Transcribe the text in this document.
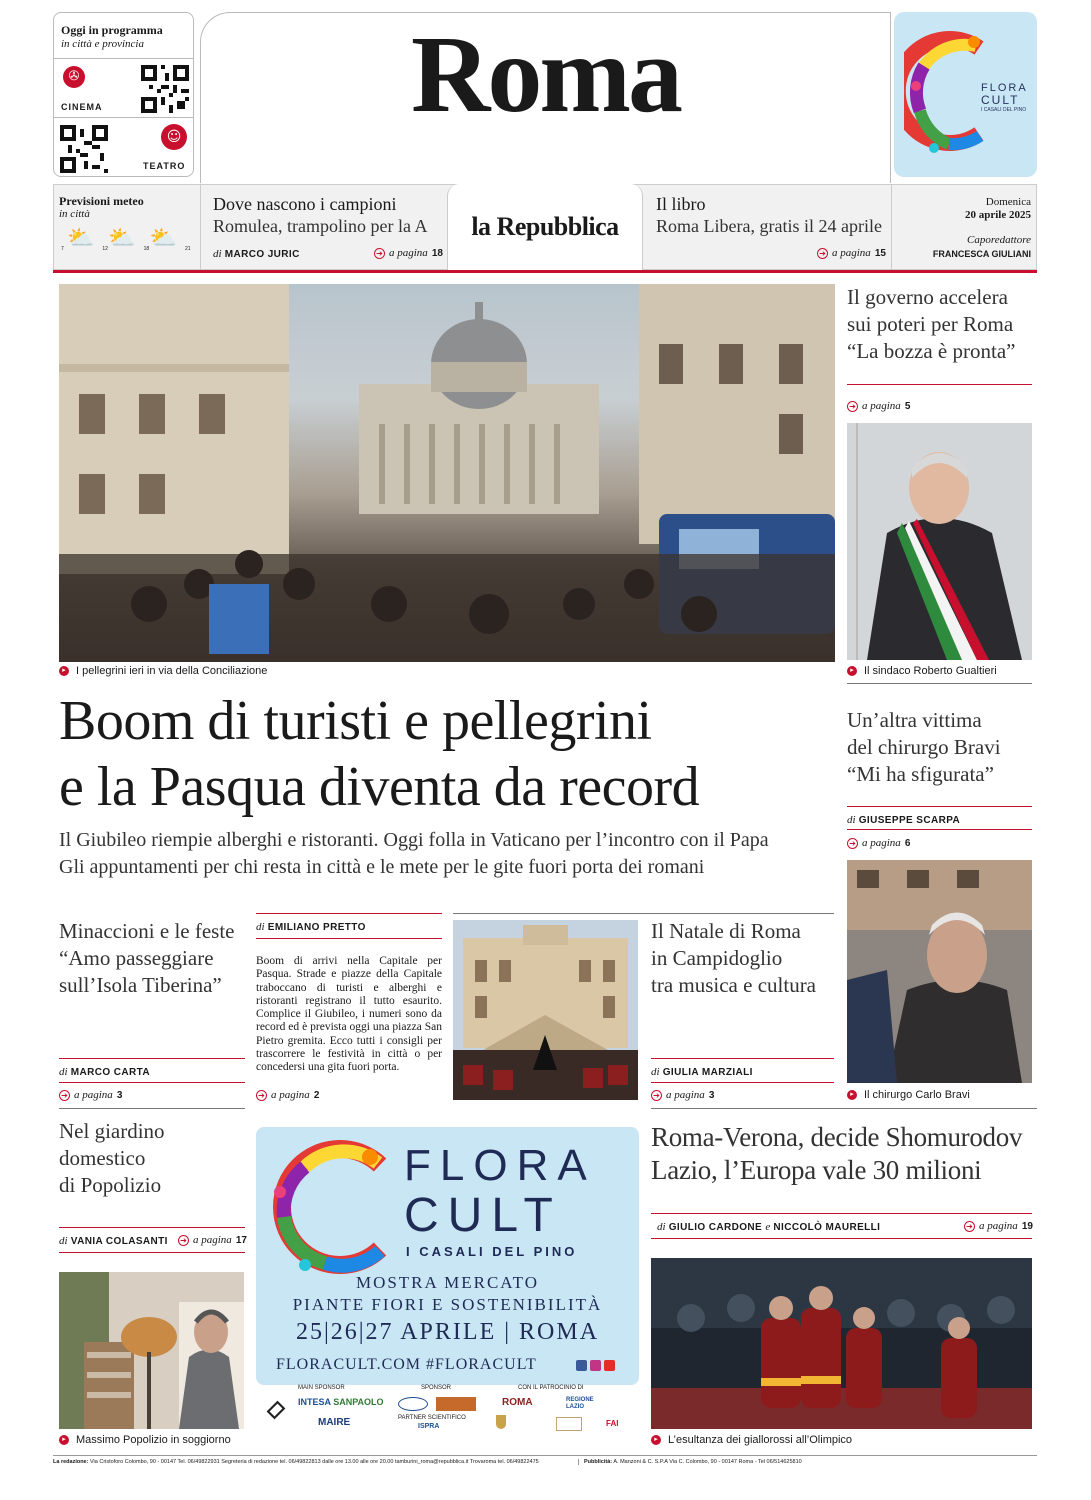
Oggi in programma
in città e provincia
✇
CINEMA
☺
TEATRO
Roma	FLORA
CULT
I CASALI DEL PINO
Previsioni meteo
in città
7 ⛅ 12 ⛅ 18 ⛅ 21
Dove nascono i campioni
Romulea, trampolino per la A
di MARCO JURIC	➔ a pagina 18
la Repubblica
Il libro
Roma Libera, gratis il 24 aprile
➔ a pagina 15
Domenica
20 aprile 2025
Caporedattore
FRANCESCA GIULIANI
▸ I pellegrini ieri in via della Conciliazione
Il governo accelera
sui poteri per Roma
“La bozza è pronta”
➔ a pagina 5
▸ Il sindaco Roberto Gualtieri
Un’altra vittima
del chirurgo Bravi
“Mi ha sfigurata”
di GIUSEPPE SCARPA
➔ a pagina 6
▸ Il chirurgo Carlo Bravi
Boom di turisti e pellegrini
e la Pasqua diventa da record
Il Giubileo riempie alberghi e ristoranti. Oggi folla in Vaticano per l’incontro con il Papa
Gli appuntamenti per chi resta in città e le mete per le gite fuori porta dei romani
Minaccioni e le feste
“Amo passeggiare
sull’Isola Tiberina”
di MARCO CARTA
➔ a pagina 3
di EMILIANO PRETTO
Boom di arrivi nella Capitale per Pasqua. Strade e piazze della Capitale traboccano di turisti e alberghi e ristoranti registrano il tutto esaurito. Complice il Giubileo, i numeri sono da record ed è prevista oggi una piazza San Pietro gremita. Ecco tutti i consigli per trascorrere le festività in città o per concedersi una gita fuori porta.
➔ a pagina 2
Il Natale di Roma
in Campidoglio
tra musica e cultura
di GIULIA MARZIALI
➔ a pagina 3
Nel giardino
domestico
di Popolizio
di VANIA COLASANTI ➔ a pagina 17
▸ Massimo Popolizio in soggiorno
FLORA
CULT
I CASALI DEL PINO
MOSTRA MERCATO
PIANTE FIORI E SOSTENIBILITÀ
25|26|27 APRILE | ROMA
FLORACULT.COM #FLORACULT
MAIN SPONSOR	SPONSOR	CON IL PATROCINIO DI
INTESA SANPAOLO
MAIRE	PARTNER SCIENTIFICO
ISPRA
ROMA	REGIONE LAZIO
FAI
Roma-Verona, decide Shomurodov
Lazio, l’Europa vale 30 milioni
di GIULIO CARDONE e NICCOLÒ MAURELLI	➔ a pagina 19
▸ L’esultanza dei giallorossi all’Olimpico
La redazione: Via Cristoforo Colombo, 90 - 00147 Tel. 06/49822931 Segreteria di redazione tel. 06/49822813 dalle ore 13.00 alle ore 20.00 tamburini_roma@repubblica.it Trovaroma tel. 06/49822475	Pubblicità: A. Manzoni & C. S.P.A Via C. Colombo, 90 - 00147 Roma - Tel 06/514625810
